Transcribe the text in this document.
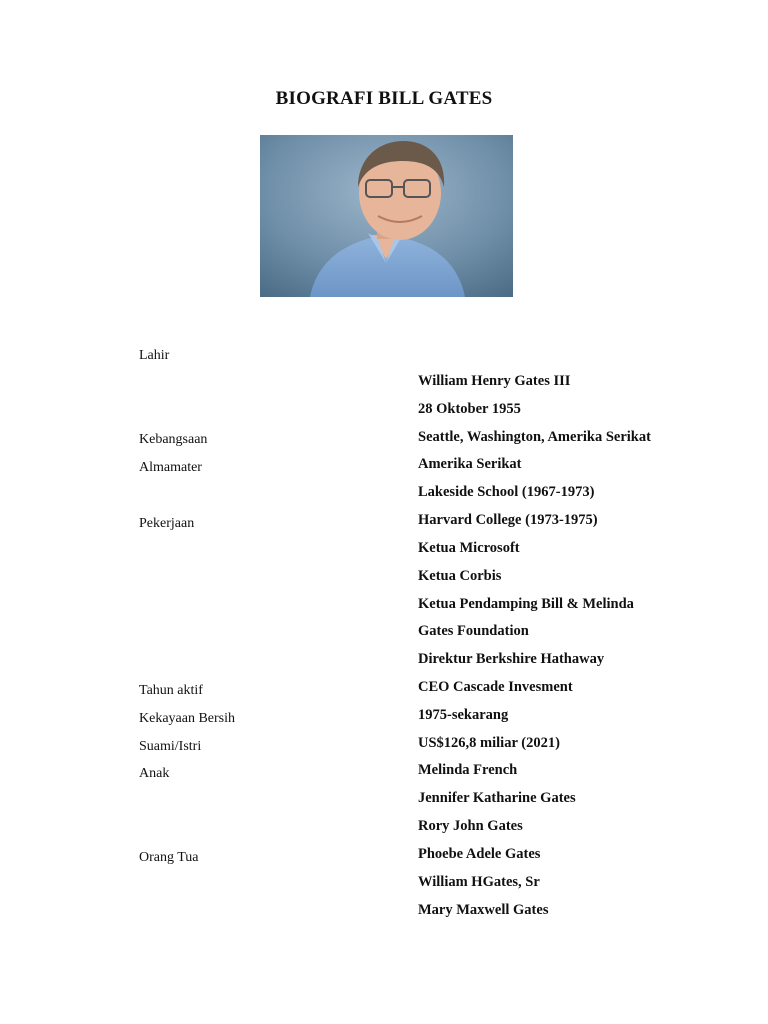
BIOGRAFI BILL GATES
Lahir
Kebangsaan
Almamater
Pekerjaan
Tahun aktif
Kekayaan Bersih
Suami/Istri
Anak
Orang Tua
William Henry Gates III
28 Oktober 1955
Seattle, Washington, Amerika Serikat
Amerika Serikat
Lakeside School (1967-1973)
Harvard College (1973-1975)
Ketua Microsoft
Ketua Corbis
Ketua Pendamping Bill & Melinda
Gates Foundation
Direktur Berkshire Hathaway
CEO Cascade Invesment
1975-sekarang
US$126,8 miliar (2021)
Melinda French
Jennifer Katharine Gates
Rory John Gates
Phoebe Adele Gates
William HGates, Sr
Mary Maxwell Gates
